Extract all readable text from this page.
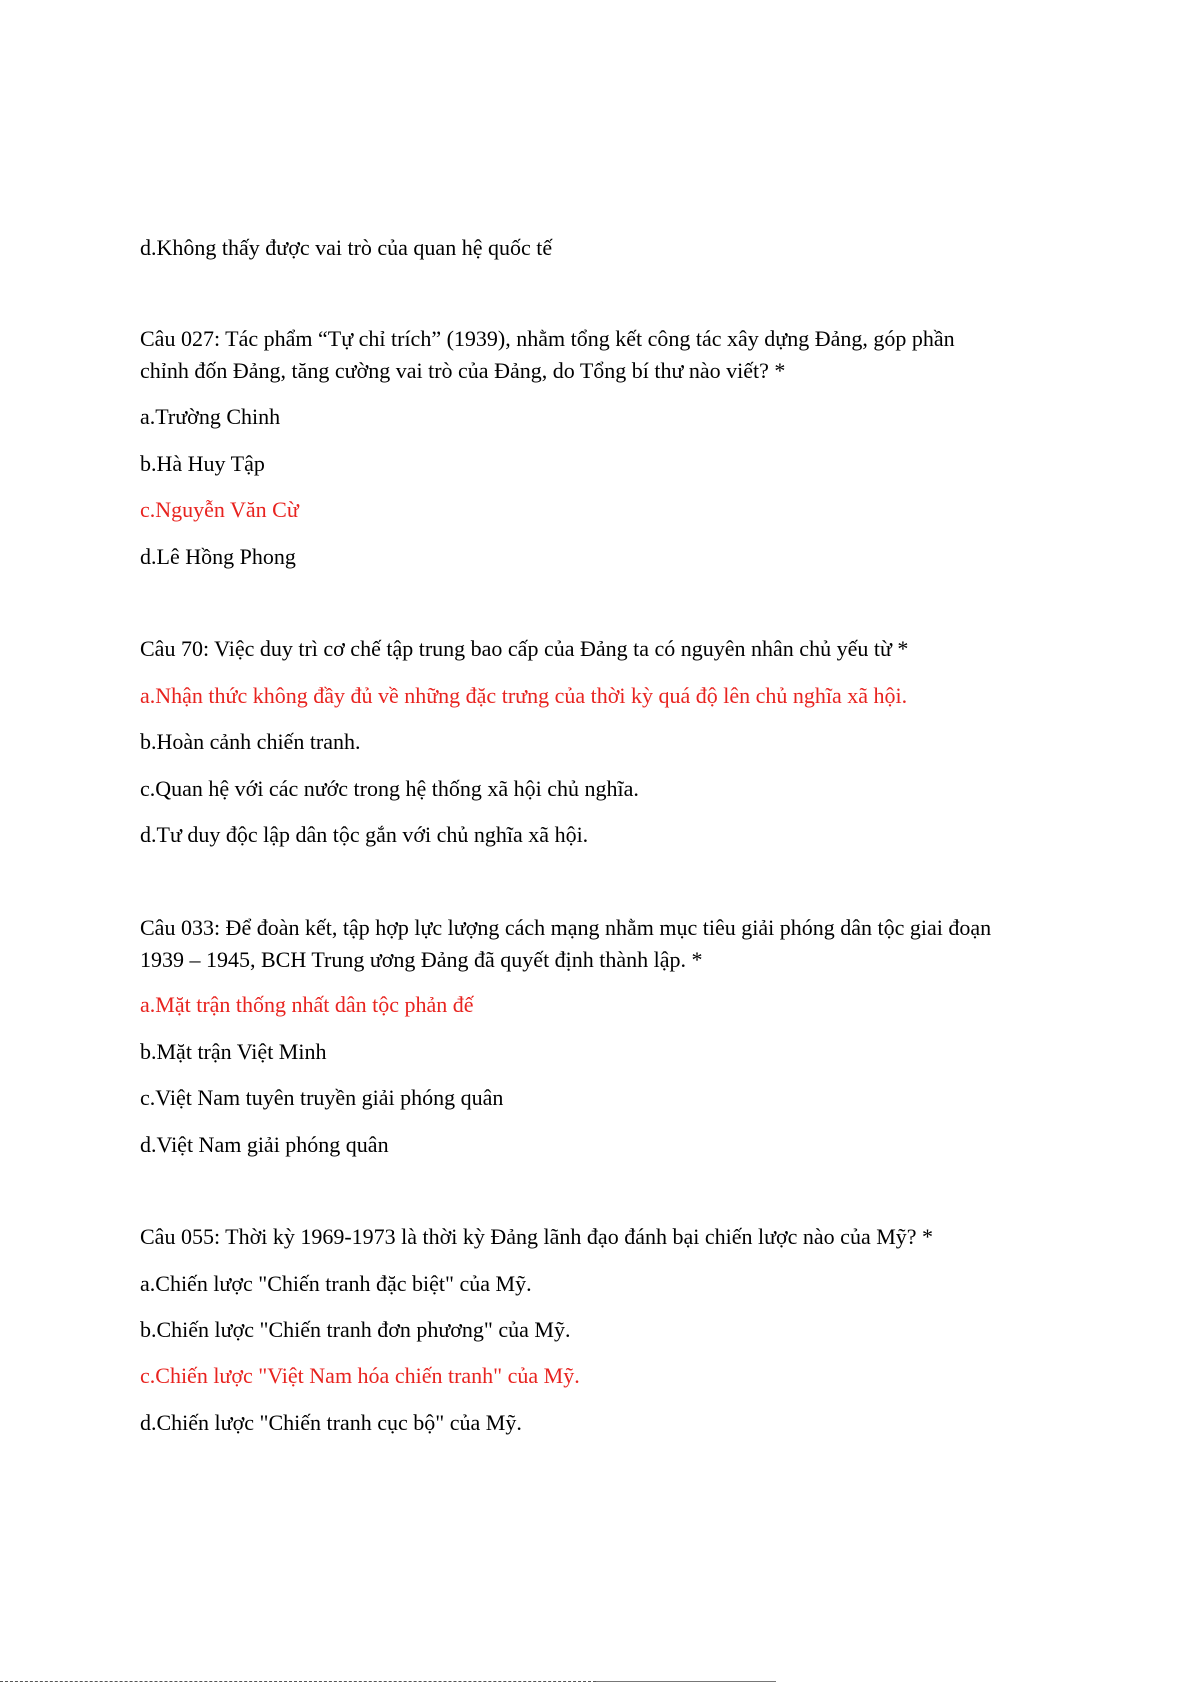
d.Không thấy được vai trò của quan hệ quốc tế
Câu 027: Tác phẩm “Tự chỉ trích” (1939), nhằm tổng kết công tác xây dựng Đảng, góp phần
chỉnh đốn Đảng, tăng cường vai trò của Đảng, do Tổng bí thư nào viết? *
a.Trường Chinh
b.Hà Huy Tập
c.Nguyễn Văn Cừ
d.Lê Hồng Phong
Câu 70: Việc duy trì cơ chế tập trung bao cấp của Đảng ta có nguyên nhân chủ yếu từ *
a.Nhận thức không đầy đủ về những đặc trưng của thời kỳ quá độ lên chủ nghĩa xã hội.
b.Hoàn cảnh chiến tranh.
c.Quan hệ với các nước trong hệ thống xã hội chủ nghĩa.
d.Tư duy độc lập dân tộc gắn với chủ nghĩa xã hội.
Câu 033: Để đoàn kết, tập hợp lực lượng cách mạng nhằm mục tiêu giải phóng dân tộc giai đoạn
1939 – 1945, BCH Trung ương Đảng đã quyết định thành lập. *
a.Mặt trận thống nhất dân tộc phản đế
b.Mặt trận Việt Minh
c.Việt Nam tuyên truyền giải phóng quân
d.Việt Nam giải phóng quân
Câu 055: Thời kỳ 1969-1973 là thời kỳ Đảng lãnh đạo đánh bại chiến lược nào của Mỹ? *
a.Chiến lược "Chiến tranh đặc biệt" của Mỹ.
b.Chiến lược "Chiến tranh đơn phương" của Mỹ.
c.Chiến lược "Việt Nam hóa chiến tranh" của Mỹ.
d.Chiến lược "Chiến tranh cục bộ" của Mỹ.
